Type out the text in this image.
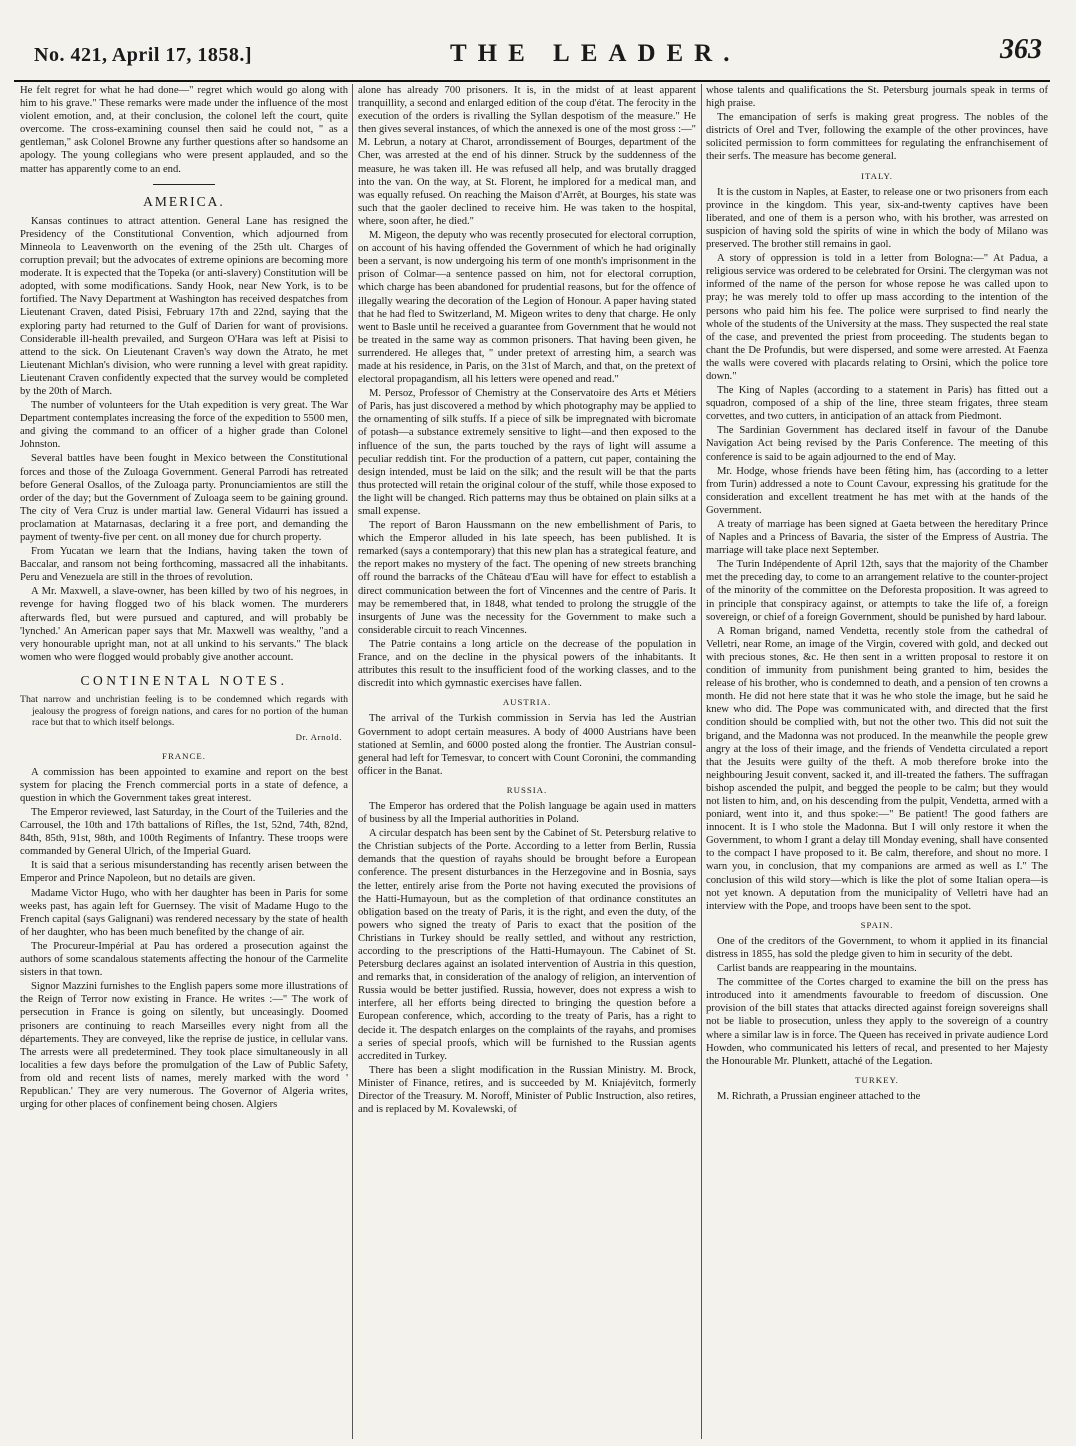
No. 421, April 17, 1858.]	THE LEADER.	363

He felt regret for what he had done—" regret which would go along with him to his grave." These remarks were made under the influence of the most violent emotion, and, at their conclusion, the colonel left the court, quite overcome. The cross-examining counsel then said he could not, " as a gentleman," ask Colonel Browne any further questions after so handsome an apology. The young collegians who were present applauded, and so the matter has apparently come to an end.

AMERICA.

Kansas continues to attract attention. General Lane has resigned the Presidency of the Constitutional Convention, which adjourned from Minneola to Leavenworth on the evening of the 25th ult. Charges of corruption prevail; but the advocates of extreme opinions are becoming more moderate. It is expected that the Topeka (or anti-slavery) Constitution will be adopted, with some modifications. Sandy Hook, near New York, is to be fortified. The Navy Department at Washington has received despatches from Lieutenant Craven, dated Pisisi, February 17th and 22nd, saying that the exploring party had returned to the Gulf of Darien for want of provisions. Considerable ill-health prevailed, and Surgeon O'Hara was left at Pisisi to attend to the sick. On Lieutenant Craven's way down the Atrato, he met Lieutenant Michlan's division, who were running a level with great rapidity. Lieutenant Craven confidently expected that the survey would be completed by the 20th of March.

The number of volunteers for the Utah expedition is very great. The War Department contemplates increasing the force of the expedition to 5500 men, and giving the command to an officer of a higher grade than Colonel Johnston.

Several battles have been fought in Mexico between the Constitutional forces and those of the Zuloaga Government. General Parrodi has retreated before General Osallos, of the Zuloaga party. Pronunciamientos are still the order of the day; but the Government of Zuloaga seem to be gaining ground. The city of Vera Cruz is under martial law. General Vidaurri has issued a proclamation at Matarnasas, declaring it a free port, and demanding the payment of twenty-five per cent. on all money due for church property.

From Yucatan we learn that the Indians, having taken the town of Baccalar, and ransom not being forthcoming, massacred all the inhabitants. Peru and Venezuela are still in the throes of revolution.

A Mr. Maxwell, a slave-owner, has been killed by two of his negroes, in revenge for having flogged two of his black women. The murderers afterwards fled, but were pursued and captured, and will probably be 'lynched.' An American paper says that Mr. Maxwell was wealthy, "and a very honourable upright man, not at all unkind to his servants." The black women who were flogged would probably give another account.

CONTINENTAL NOTES.
That narrow and unchristian feeling is to be condemned which regards with jealousy the progress of foreign nations, and cares for no portion of the human race but that to which itself belongs.
Dr. Arnold.
FRANCE.

A commission has been appointed to examine and report on the best system for placing the French commercial ports in a state of defence, a question in which the Government takes great interest.

The Emperor reviewed, last Saturday, in the Court of the Tuileries and the Carrousel, the 10th and 17th battalions of Rifles, the 1st, 52nd, 74th, 82nd, 84th, 85th, 91st, 98th, and 100th Regiments of Infantry. These troops were commanded by General Ulrich, of the Imperial Guard.

It is said that a serious misunderstanding has recently arisen between the Emperor and Prince Napoleon, but no details are given.

Madame Victor Hugo, who with her daughter has been in Paris for some weeks past, has again left for Guernsey. The visit of Madame Hugo to the French capital (says Galignani) was rendered necessary by the state of health of her daughter, who has been much benefited by the change of air.

The Procureur-Impérial at Pau has ordered a prosecution against the authors of some scandalous statements affecting the honour of the Carmelite sisters in that town.

Signor Mazzini furnishes to the English papers some more illustrations of the Reign of Terror now existing in France. He writes :—" The work of persecution in France is going on silently, but unceasingly. Doomed prisoners are continuing to reach Marseilles every night from all the départements. They are conveyed, like the reprise de justice, in cellular vans. The arrests were all predetermined. They took place simultaneously in all localities a few days before the promulgation of the Law of Public Safety, from old and recent lists of names, merely marked with the word ' Republican.' They are very numerous. The Governor of Algeria writes, urging for other places of confinement being chosen. Algiers

alone has already 700 prisoners. It is, in the midst of at least apparent tranquillity, a second and enlarged edition of the coup d'état. The ferocity in the execution of the orders is rivalling the Syllan despotism of the measure." He then gives several instances, of which the annexed is one of the most gross :—" M. Lebrun, a notary at Charot, arrondissement of Bourges, department of the Cher, was arrested at the end of his dinner. Struck by the suddenness of the measure, he was taken ill. He was refused all help, and was brutally dragged into the van. On the way, at St. Florent, he implored for a medical man, and was equally refused. On reaching the Maison d'Arrêt, at Bourges, his state was such that the gaoler declined to receive him. He was taken to the hospital, where, soon after, he died."

M. Migeon, the deputy who was recently prosecuted for electoral corruption, on account of his having offended the Government of which he had originally been a servant, is now undergoing his term of one month's imprisonment in the prison of Colmar—a sentence passed on him, not for electoral corruption, which charge has been abandoned for prudential reasons, but for the offence of illegally wearing the decoration of the Legion of Honour. A paper having stated that he had fled to Switzerland, M. Migeon writes to deny that charge. He only went to Basle until he received a guarantee from Government that he would not be treated in the same way as common prisoners. That having been given, he surrendered. He alleges that, " under pretext of arresting him, a search was made at his residence, in Paris, on the 31st of March, and that, on the pretext of electoral propagandism, all his letters were opened and read."

M. Persoz, Professor of Chemistry at the Conservatoire des Arts et Métiers of Paris, has just discovered a method by which photography may be applied to the ornamenting of silk stuffs. If a piece of silk be impregnated with bicromate of potash—a substance extremely sensitive to light—and then exposed to the influence of the sun, the parts touched by the rays of light will assume a peculiar reddish tint. For the production of a pattern, cut paper, containing the design intended, must be laid on the silk; and the result will be that the parts thus protected will retain the original colour of the stuff, while those exposed to the light will be changed. Rich patterns may thus be obtained on plain silks at a small expense.

The report of Baron Haussmann on the new embellishment of Paris, to which the Emperor alluded in his late speech, has been published. It is remarked (says a contemporary) that this new plan has a strategical feature, and the report makes no mystery of the fact. The opening of new streets branching off round the barracks of the Château d'Eau will have for effect to establish a direct communication between the fort of Vincennes and the centre of Paris. It may be remembered that, in 1848, what tended to prolong the struggle of the insurgents of June was the necessity for the Government to make such a considerable circuit to reach Vincennes.

The Patrie contains a long article on the decrease of the population in France, and on the decline in the physical powers of the inhabitants. It attributes this result to the insufficient food of the working classes, and to the discredit into which gymnastic exercises have fallen.

AUSTRIA.

The arrival of the Turkish commission in Servia has led the Austrian Government to adopt certain measures. A body of 4000 Austrians have been stationed at Semlin, and 6000 posted along the frontier. The Austrian consul-general had left for Temesvar, to concert with Count Coronini, the commanding officer in the Banat.

RUSSIA.

The Emperor has ordered that the Polish language be again used in matters of business by all the Imperial authorities in Poland.

A circular despatch has been sent by the Cabinet of St. Petersburg relative to the Christian subjects of the Porte. According to a letter from Berlin, Russia demands that the question of rayahs should be brought before a European conference. The present disturbances in the Herzegovine and in Bosnia, says the letter, entirely arise from the Porte not having executed the provisions of the Hatti-Humayoun, but as the completion of that ordinance constitutes an obligation based on the treaty of Paris, it is the right, and even the duty, of the powers who signed the treaty of Paris to exact that the position of the Christians in Turkey should be really settled, and without any restriction, according to the prescriptions of the Hatti-Humayoun. The Cabinet of St. Petersburg declares against an isolated intervention of Austria in this question, and remarks that, in consideration of the analogy of religion, an intervention of Russia would be better justified. Russia, however, does not express a wish to interfere, all her efforts being directed to bringing the question before a European conference, which, according to the treaty of Paris, has a right to decide it. The despatch enlarges on the complaints of the rayahs, and promises a series of special proofs, which will be furnished to the Russian agents accredited in Turkey.

There has been a slight modification in the Russian Ministry. M. Brock, Minister of Finance, retires, and is succeeded by M. Kniajévitch, formerly Director of the Treasury. M. Noroff, Minister of Public Instruction, also retires, and is replaced by M. Kovalewski, of

whose talents and qualifications the St. Petersburg journals speak in terms of high praise.

The emancipation of serfs is making great progress. The nobles of the districts of Orel and Tver, following the example of the other provinces, have solicited permission to form committees for regulating the enfranchisement of their serfs. The measure has become general.

ITALY.

It is the custom in Naples, at Easter, to release one or two prisoners from each province in the kingdom. This year, six-and-twenty captives have been liberated, and one of them is a person who, with his brother, was arrested on suspicion of having sold the spirits of wine in which the body of Milano was preserved. The brother still remains in gaol.

A story of oppression is told in a letter from Bologna:—" At Padua, a religious service was ordered to be celebrated for Orsini. The clergyman was not informed of the name of the person for whose repose he was called upon to pray; he was merely told to offer up mass according to the intention of the persons who paid him his fee. The police were surprised to find nearly the whole of the students of the University at the mass. They suspected the real state of the case, and prevented the priest from proceeding. The students began to chant the De Profundis, but were dispersed, and some were arrested. At Faenza the walls were covered with placards relating to Orsini, which the police tore down."

The King of Naples (according to a statement in Paris) has fitted out a squadron, composed of a ship of the line, three steam frigates, three steam corvettes, and two cutters, in anticipation of an attack from Piedmont.

The Sardinian Government has declared itself in favour of the Danube Navigation Act being revised by the Paris Conference. The meeting of this conference is said to be again adjourned to the end of May.

Mr. Hodge, whose friends have been fêting him, has (according to a letter from Turin) addressed a note to Count Cavour, expressing his gratitude for the consideration and excellent treatment he has met with at the hands of the Government.

A treaty of marriage has been signed at Gaeta between the hereditary Prince of Naples and a Princess of Bavaria, the sister of the Empress of Austria. The marriage will take place next September.

The Turin Indépendente of April 12th, says that the majority of the Chamber met the preceding day, to come to an arrangement relative to the counter-project of the minority of the committee on the Deforesta proposition. It was agreed to in principle that conspiracy against, or attempts to take the life of, a foreign sovereign, or chief of a foreign Government, should be punished by hard labour.

A Roman brigand, named Vendetta, recently stole from the cathedral of Velletri, near Rome, an image of the Virgin, covered with gold, and decked out with precious stones, &c. He then sent in a written proposal to restore it on condition of immunity from punishment being granted to him, besides the release of his brother, who is condemned to death, and a pension of ten crowns a month. He did not here state that it was he who stole the image, but he said he knew who did. The Pope was communicated with, and directed that the first condition should be complied with, but not the other two. This did not suit the brigand, and the Madonna was not produced. In the meanwhile the people grew angry at the loss of their image, and the friends of Vendetta circulated a report that the Jesuits were guilty of the theft. A mob therefore broke into the neighbouring Jesuit convent, sacked it, and ill-treated the fathers. The suffragan bishop ascended the pulpit, and begged the people to be calm; but they would not listen to him, and, on his descending from the pulpit, Vendetta, armed with a poniard, went into it, and thus spoke:—" Be patient! The good fathers are innocent. It is I who stole the Madonna. But I will only restore it when the Government, to whom I grant a delay till Monday evening, shall have consented to the compact I have proposed to it. Be calm, therefore, and shout no more. I warn you, in conclusion, that my companions are armed as well as I." The conclusion of this wild story—which is like the plot of some Italian opera—is not yet known. A deputation from the municipality of Velletri have had an interview with the Pope, and troops have been sent to the spot.

SPAIN.

One of the creditors of the Government, to whom it applied in its financial distress in 1855, has sold the pledge given to him in security of the debt.

Carlist bands are reappearing in the mountains.

The committee of the Cortes charged to examine the bill on the press has introduced into it amendments favourable to freedom of discussion. One provision of the bill states that attacks directed against foreign sovereigns shall not be liable to prosecution, unless they apply to the sovereign of a country where a similar law is in force. The Queen has received in private audience Lord Howden, who communicated his letters of recal, and presented to her Majesty the Honourable Mr. Plunkett, attaché of the Legation.

TURKEY.

M. Richrath, a Prussian engineer attached to the
